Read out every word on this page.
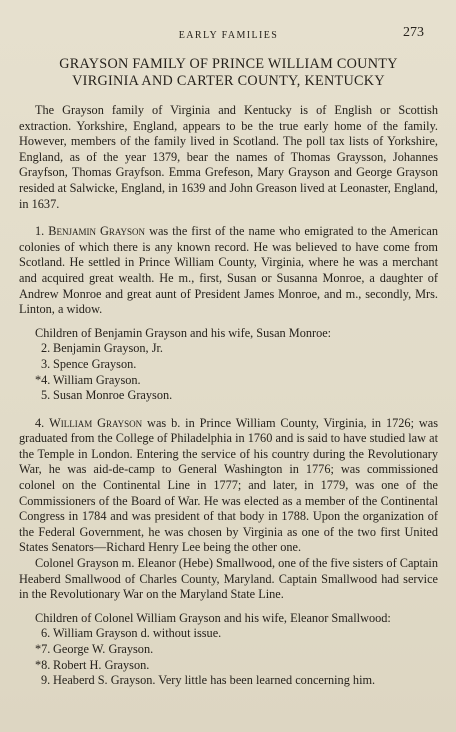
EARLY FAMILIES	273
GRAYSON FAMILY OF PRINCE WILLIAM COUNTY
VIRGINIA AND CARTER COUNTY, KENTUCKY

The Grayson family of Virginia and Kentucky is of English or Scottish extraction. Yorkshire, England, appears to be the true early home of the family. However, members of the family lived in Scotland. The poll tax lists of Yorkshire, England, as of the year 1379, bear the names of Thomas Graysson, Johannes Grayfson, Thomas Grayfson. Emma Grefeson, Mary Grayson and George Grayson resided at Salwicke, England, in 1639 and John Greason lived at Leonaster, England, in 1637.

1. Benjamin Grayson was the first of the name who emigrated to the American colonies of which there is any known record. He was believed to have come from Scotland. He settled in Prince William County, Virginia, where he was a merchant and acquired great wealth. He m., first, Susan or Susanna Monroe, a daughter of Andrew Monroe and great aunt of President James Monroe, and m., secondly, Mrs. Linton, a widow.

Children of Benjamin Grayson and his wife, Susan Monroe:

2. Benjamin Grayson, Jr.
3. Spence Grayson.
*4. William Grayson.
5. Susan Monroe Grayson.

4. William Grayson was b. in Prince William County, Virginia, in 1726; was graduated from the College of Philadelphia in 1760 and is said to have studied law at the Temple in London. Entering the service of his country during the Revolutionary War, he was aid-de-camp to General Washington in 1776; was commissioned colonel on the Continental Line in 1777; and later, in 1779, was one of the Commissioners of the Board of War. He was elected as a member of the Continental Congress in 1784 and was president of that body in 1788. Upon the organization of the Federal Government, he was chosen by Virginia as one of the two first United States Senators—Richard Henry Lee being the other one.

Colonel Grayson m. Eleanor (Hebe) Smallwood, one of the five sisters of Captain Heaberd Smallwood of Charles County, Maryland. Captain Smallwood had service in the Revolutionary War on the Maryland State Line.

Children of Colonel William Grayson and his wife, Eleanor Smallwood:

6. William Grayson d. without issue.
*7. George W. Grayson.
*8. Robert H. Grayson.
9. Heaberd S. Grayson. Very little has been learned concerning him.
